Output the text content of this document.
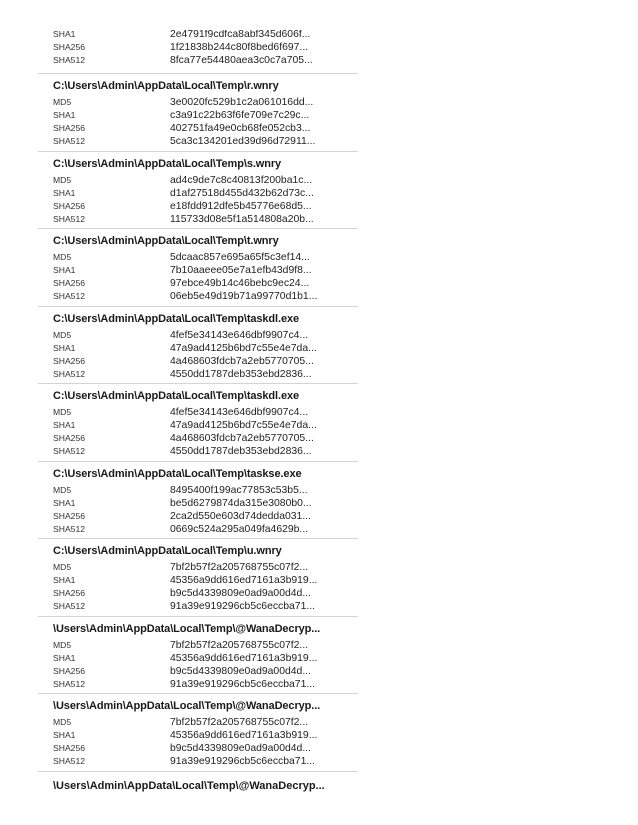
SHA1	2e4791f9cdfca8abf345d606f...
SHA256	1f21838b244c80f8bed6f697...
SHA512	8fca77e54480aea3c0c7a705...
C:\Users\Admin\AppData\Local\Temp\r.wnry
MD5	3e0020fc529b1c2a061016dd...
SHA1	c3a91c22b63f6fe709e7c29c...
SHA256	402751fa49e0cb68fe052cb3...
SHA512	5ca3c134201ed39d96d72911...
C:\Users\Admin\AppData\Local\Temp\s.wnry
MD5	ad4c9de7c8c40813f200ba1c...
SHA1	d1af27518d455d432b62d73c...
SHA256	e18fdd912dfe5b45776e68d5...
SHA512	115733d08e5f1a514808a20b...
C:\Users\Admin\AppData\Local\Temp\t.wnry
MD5	5dcaac857e695a65f5c3ef14...
SHA1	7b10aaeee05e7a1efb43d9f8...
SHA256	97ebce49b14c46bebc9ec24...
SHA512	06eb5e49d19b71a99770d1b1...
C:\Users\Admin\AppData\Local\Temp\taskdl.exe
MD5	4fef5e34143e646dbf9907c4...
SHA1	47a9ad4125b6bd7c55e4e7da...
SHA256	4a468603fdcb7a2eb5770705...
SHA512	4550dd1787deb353ebd2836...
C:\Users\Admin\AppData\Local\Temp\taskdl.exe
MD5	4fef5e34143e646dbf9907c4...
SHA1	47a9ad4125b6bd7c55e4e7da...
SHA256	4a468603fdcb7a2eb5770705...
SHA512	4550dd1787deb353ebd2836...
C:\Users\Admin\AppData\Local\Temp\taskse.exe
MD5	8495400f199ac77853c53b5...
SHA1	be5d6279874da315e3080b0...
SHA256	2ca2d550e603d74dedda031...
SHA512	0669c524a295a049fa4629b...
C:\Users\Admin\AppData\Local\Temp\u.wnry
MD5	7bf2b57f2a205768755c07f2...
SHA1	45356a9dd616ed7161a3b919...
SHA256	b9c5d4339809e0ad9a00d4d...
SHA512	91a39e919296cb5c6eccba71...
\Users\Admin\AppData\Local\Temp\@WanaDecryp...
MD5	7bf2b57f2a205768755c07f2...
SHA1	45356a9dd616ed7161a3b919...
SHA256	b9c5d4339809e0ad9a00d4d...
SHA512	91a39e919296cb5c6eccba71...
\Users\Admin\AppData\Local\Temp\@WanaDecryp...
MD5	7bf2b57f2a205768755c07f2...
SHA1	45356a9dd616ed7161a3b919...
SHA256	b9c5d4339809e0ad9a00d4d...
SHA512	91a39e919296cb5c6eccba71...
\Users\Admin\AppData\Local\Temp\@WanaDecryp...
